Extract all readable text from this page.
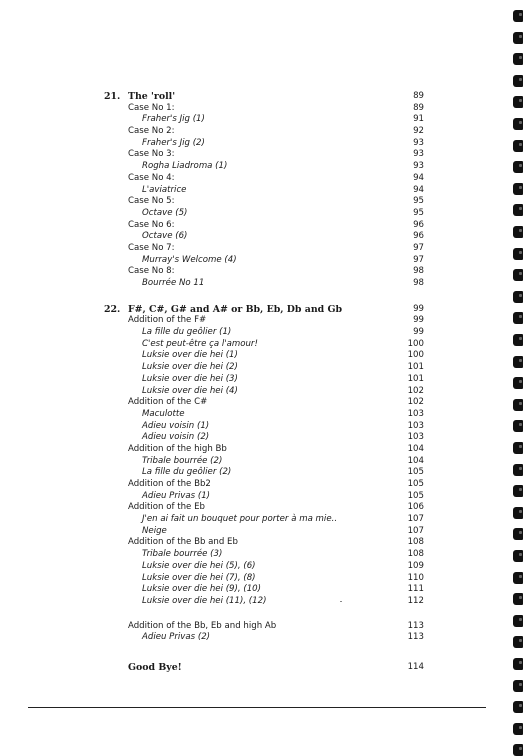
21. The 'roll'	89
Case No 1:	89
Fraher's Jig (1)	91
Case No 2:	92
Fraher's Jig (2)	93
Case No 3:	93
Rogha Liadroma (1)	93
Case No 4:	94
L'aviatrice	94
Case No 5:	95
Octave (5)	95
Case No 6:	96
Octave (6)	96
Case No 7:	97
Murray's Welcome (4)	97
Case No 8:	98
Bourrée No 11	98
22. F#, C#, G# and A# or Bb, Eb, Db and Gb	99
Addition of the F#	99
La fille du geôlier (1)	99
C'est peut-être ça l'amour!	100
Luksie over die hei (1)	100
Luksie over die hei (2)	101
Luksie over die hei (3)	101
Luksie over die hei (4)	102
Addition of the C#	102
Maculotte	103
Adieu voisin (1)	103
Adieu voisin (2)	103
Addition of the high Bb	104
Tribale bourrée (2)	104
La fille du geôlier (2)	105
Addition of the Bb2	105
Adieu Privas (1)	105
Addition of the Eb	106
J'en ai fait un bouquet pour porter à ma mie..	107
Neige	107
Addition of the Bb and Eb	108
Tribale bourrée (3)	108
Luksie over die hei (5), (6)	109
Luksie over die hei (7), (8)	110
Luksie over die hei (9), (10)	111
Luksie over die hei (11), (12)	112
Addition of the Bb, Eb and high Ab	113
Adieu Privas (2)	113
Good Bye!	114
